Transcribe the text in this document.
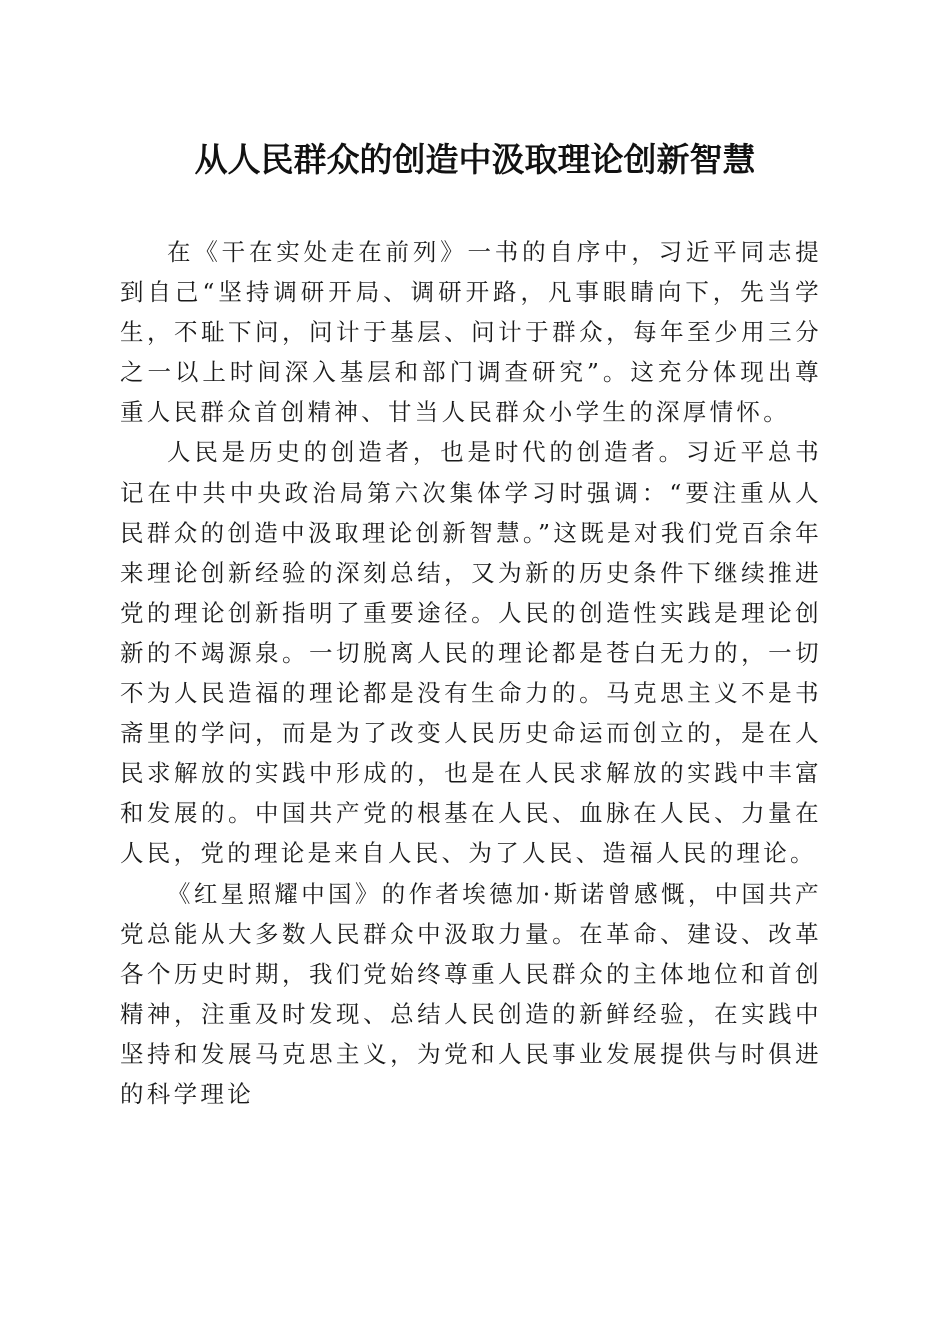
从人民群众的创造中汲取理论创新智慧

在《干在实处走在前列》一书的自序中，习近平同志提到自己“坚持调研开局、调研开路，凡事眼睛向下，先当学生，不耻下问，问计于基层、问计于群众，每年至少用三分之一以上时间深入基层和部门调查研究”。这充分体现出尊重人民群众首创精神、甘当人民群众小学生的深厚情怀。

人民是历史的创造者，也是时代的创造者。习近平总书记在中共中央政治局第六次集体学习时强调：“要注重从人民群众的创造中汲取理论创新智慧。”这既是对我们党百余年来理论创新经验的深刻总结，又为新的历史条件下继续推进党的理论创新指明了重要途径。人民的创造性实践是理论创新的不竭源泉。一切脱离人民的理论都是苍白无力的，一切不为人民造福的理论都是没有生命力的。马克思主义不是书斋里的学问，而是为了改变人民历史命运而创立的，是在人民求解放的实践中形成的，也是在人民求解放的实践中丰富和发展的。中国共产党的根基在人民、血脉在人民、力量在人民，党的理论是来自人民、为了人民、造福人民的理论。

《红星照耀中国》的作者埃德加·斯诺曾感慨，中国共产党总能从大多数人民群众中汲取力量。在革命、建设、改革各个历史时期，我们党始终尊重人民群众的主体地位和首创精神，注重及时发现、总结人民创造的新鲜经验，在实践中坚持和发展马克思主义，为党和人民事业发展提供与时俱进的科学理论
